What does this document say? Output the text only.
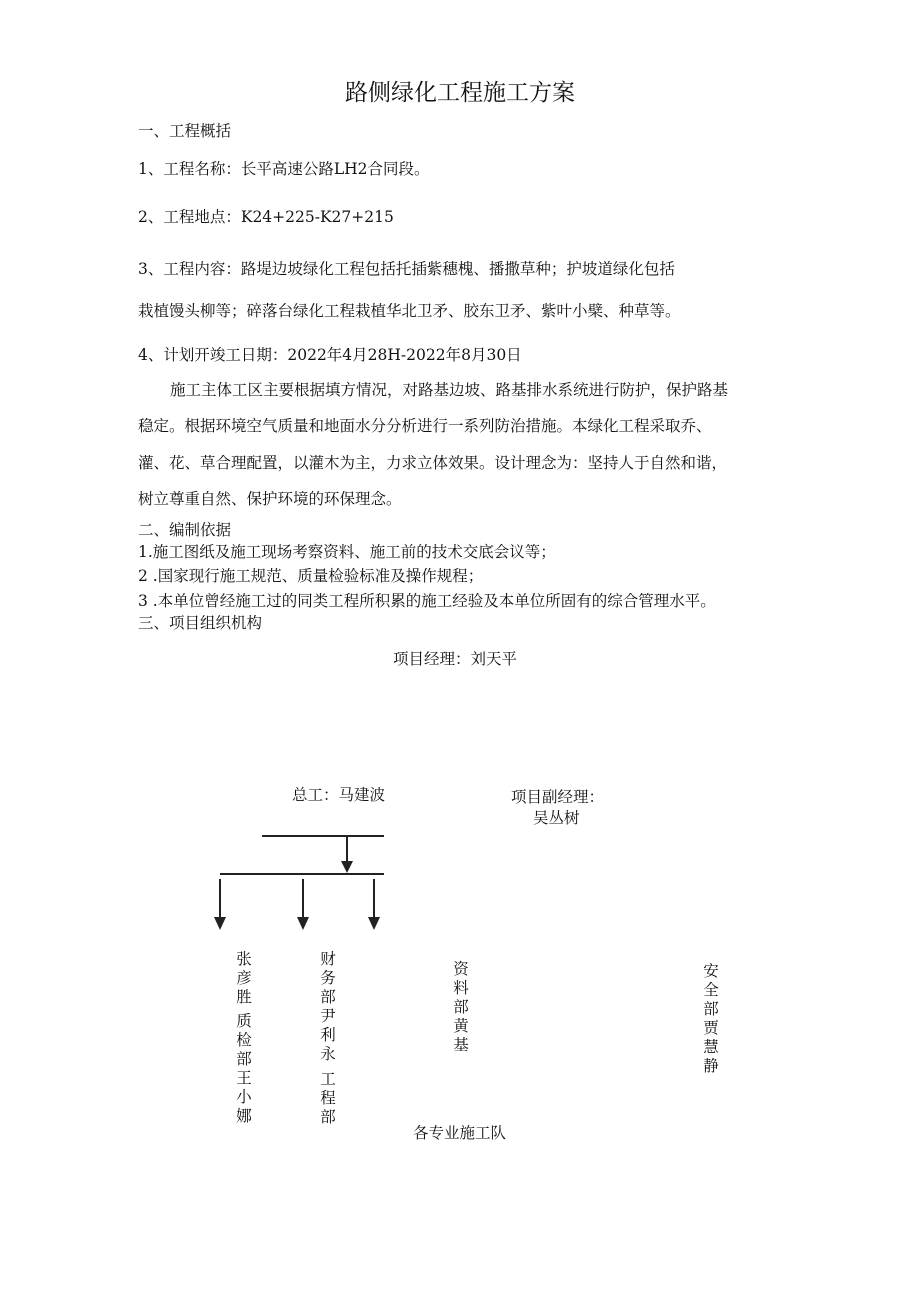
路侧绿化工程施工方案
一、工程概括
1、工程名称：长平高速公路LH2合同段。
2、工程地点：K24+225-K27+215
3、工程内容：路堤边坡绿化工程包括托插紫穗槐、播撒草种；护坡道绿化包括
栽植馒头柳等；碎落台绿化工程栽植华北卫矛、胶东卫矛、紫叶小檗、种草等。
4、计划开竣工日期：2022年4月28H-2022年8月30日
施工主体工区主要根据填方情况，对路基边坡、路基排水系统进行防护，保护路基
稳定。根据环境空气质量和地面水分分析进行一系列防治措施。本绿化工程采取乔、
灌、花、草合理配置，以灌木为主，力求立体效果。设计理念为：坚持人于自然和谐，
树立尊重自然、保护环境的环保理念。
二、编制依据
1.施工图纸及施工现场考察资料、施工前的技术交底会议等；
2 .国家现行施工规范、质量检验标准及操作规程；
3 .本单位曾经施工过的同类工程所积累的施工经验及本单位所固有的综合管理水平。
三、项目组织机构
项目经理：刘天平
总工：马建波	项目副经理：
吴丛树
张彦胜
质检部王小娜
财务部尹利永
工程部
资料部黄基
安全部贾慧静
各专业施工队
